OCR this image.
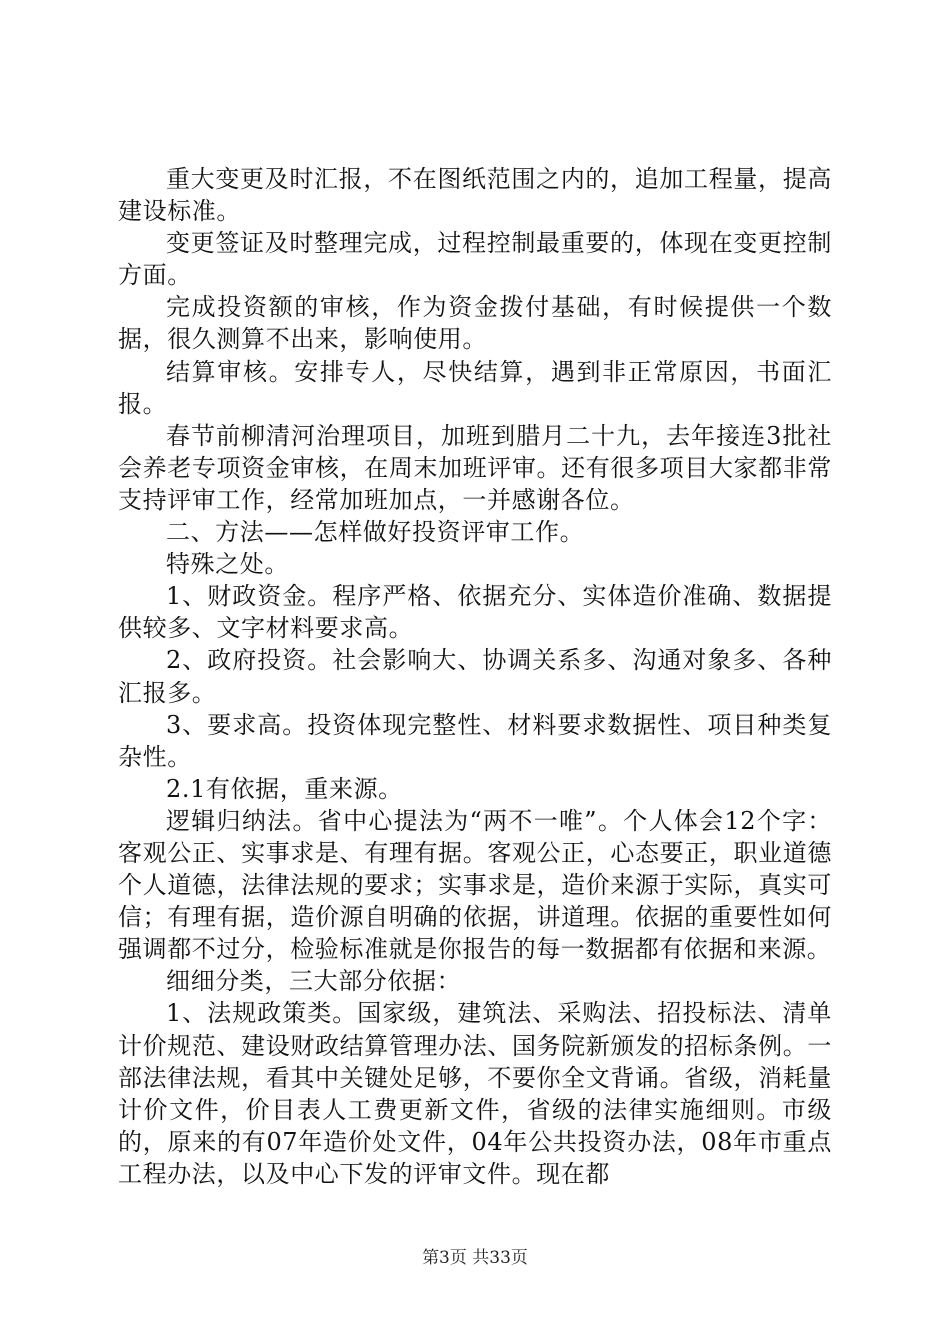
重大变更及时汇报，不在图纸范围之内的，追加工程量，提高建设标准。

变更签证及时整理完成，过程控制最重要的，体现在变更控制方面。

完成投资额的审核，作为资金拨付基础，有时候提供一个数据，很久测算不出来，影响使用。

结算审核。安排专人，尽快结算，遇到非正常原因，书面汇报。

春节前柳清河治理项目，加班到腊月二十九，去年接连3批社会养老专项资金审核，在周末加班评审。还有很多项目大家都非常支持评审工作，经常加班加点，一并感谢各位。

二、方法——怎样做好投资评审工作。

特殊之处。

1、财政资金。程序严格、依据充分、实体造价准确、数据提供较多、文字材料要求高。

2、政府投资。社会影响大、协调关系多、沟通对象多、各种汇报多。

3、要求高。投资体现完整性、材料要求数据性、项目种类复杂性。

2.1有依据，重来源。

逻辑归纳法。省中心提法为“两不一唯”。个人体会12个字：客观公正、实事求是、有理有据。客观公正，心态要正，职业道德个人道德，法律法规的要求；实事求是，造价来源于实际，真实可信；有理有据，造价源自明确的依据，讲道理。依据的重要性如何强调都不过分，检验标准就是你报告的每一数据都有依据和来源。

细细分类，三大部分依据：

1、法规政策类。国家级，建筑法、采购法、招投标法、清单计价规范、建设财政结算管理办法、国务院新颁发的招标条例。一部法律法规，看其中关键处足够，不要你全文背诵。省级，消耗量计价文件，价目表人工费更新文件，省级的法律实施细则。市级的，原来的有07年造价处文件，04年公共投资办法，08年市重点工程办法，以及中心下发的评审文件。现在都

第3页 共33页
